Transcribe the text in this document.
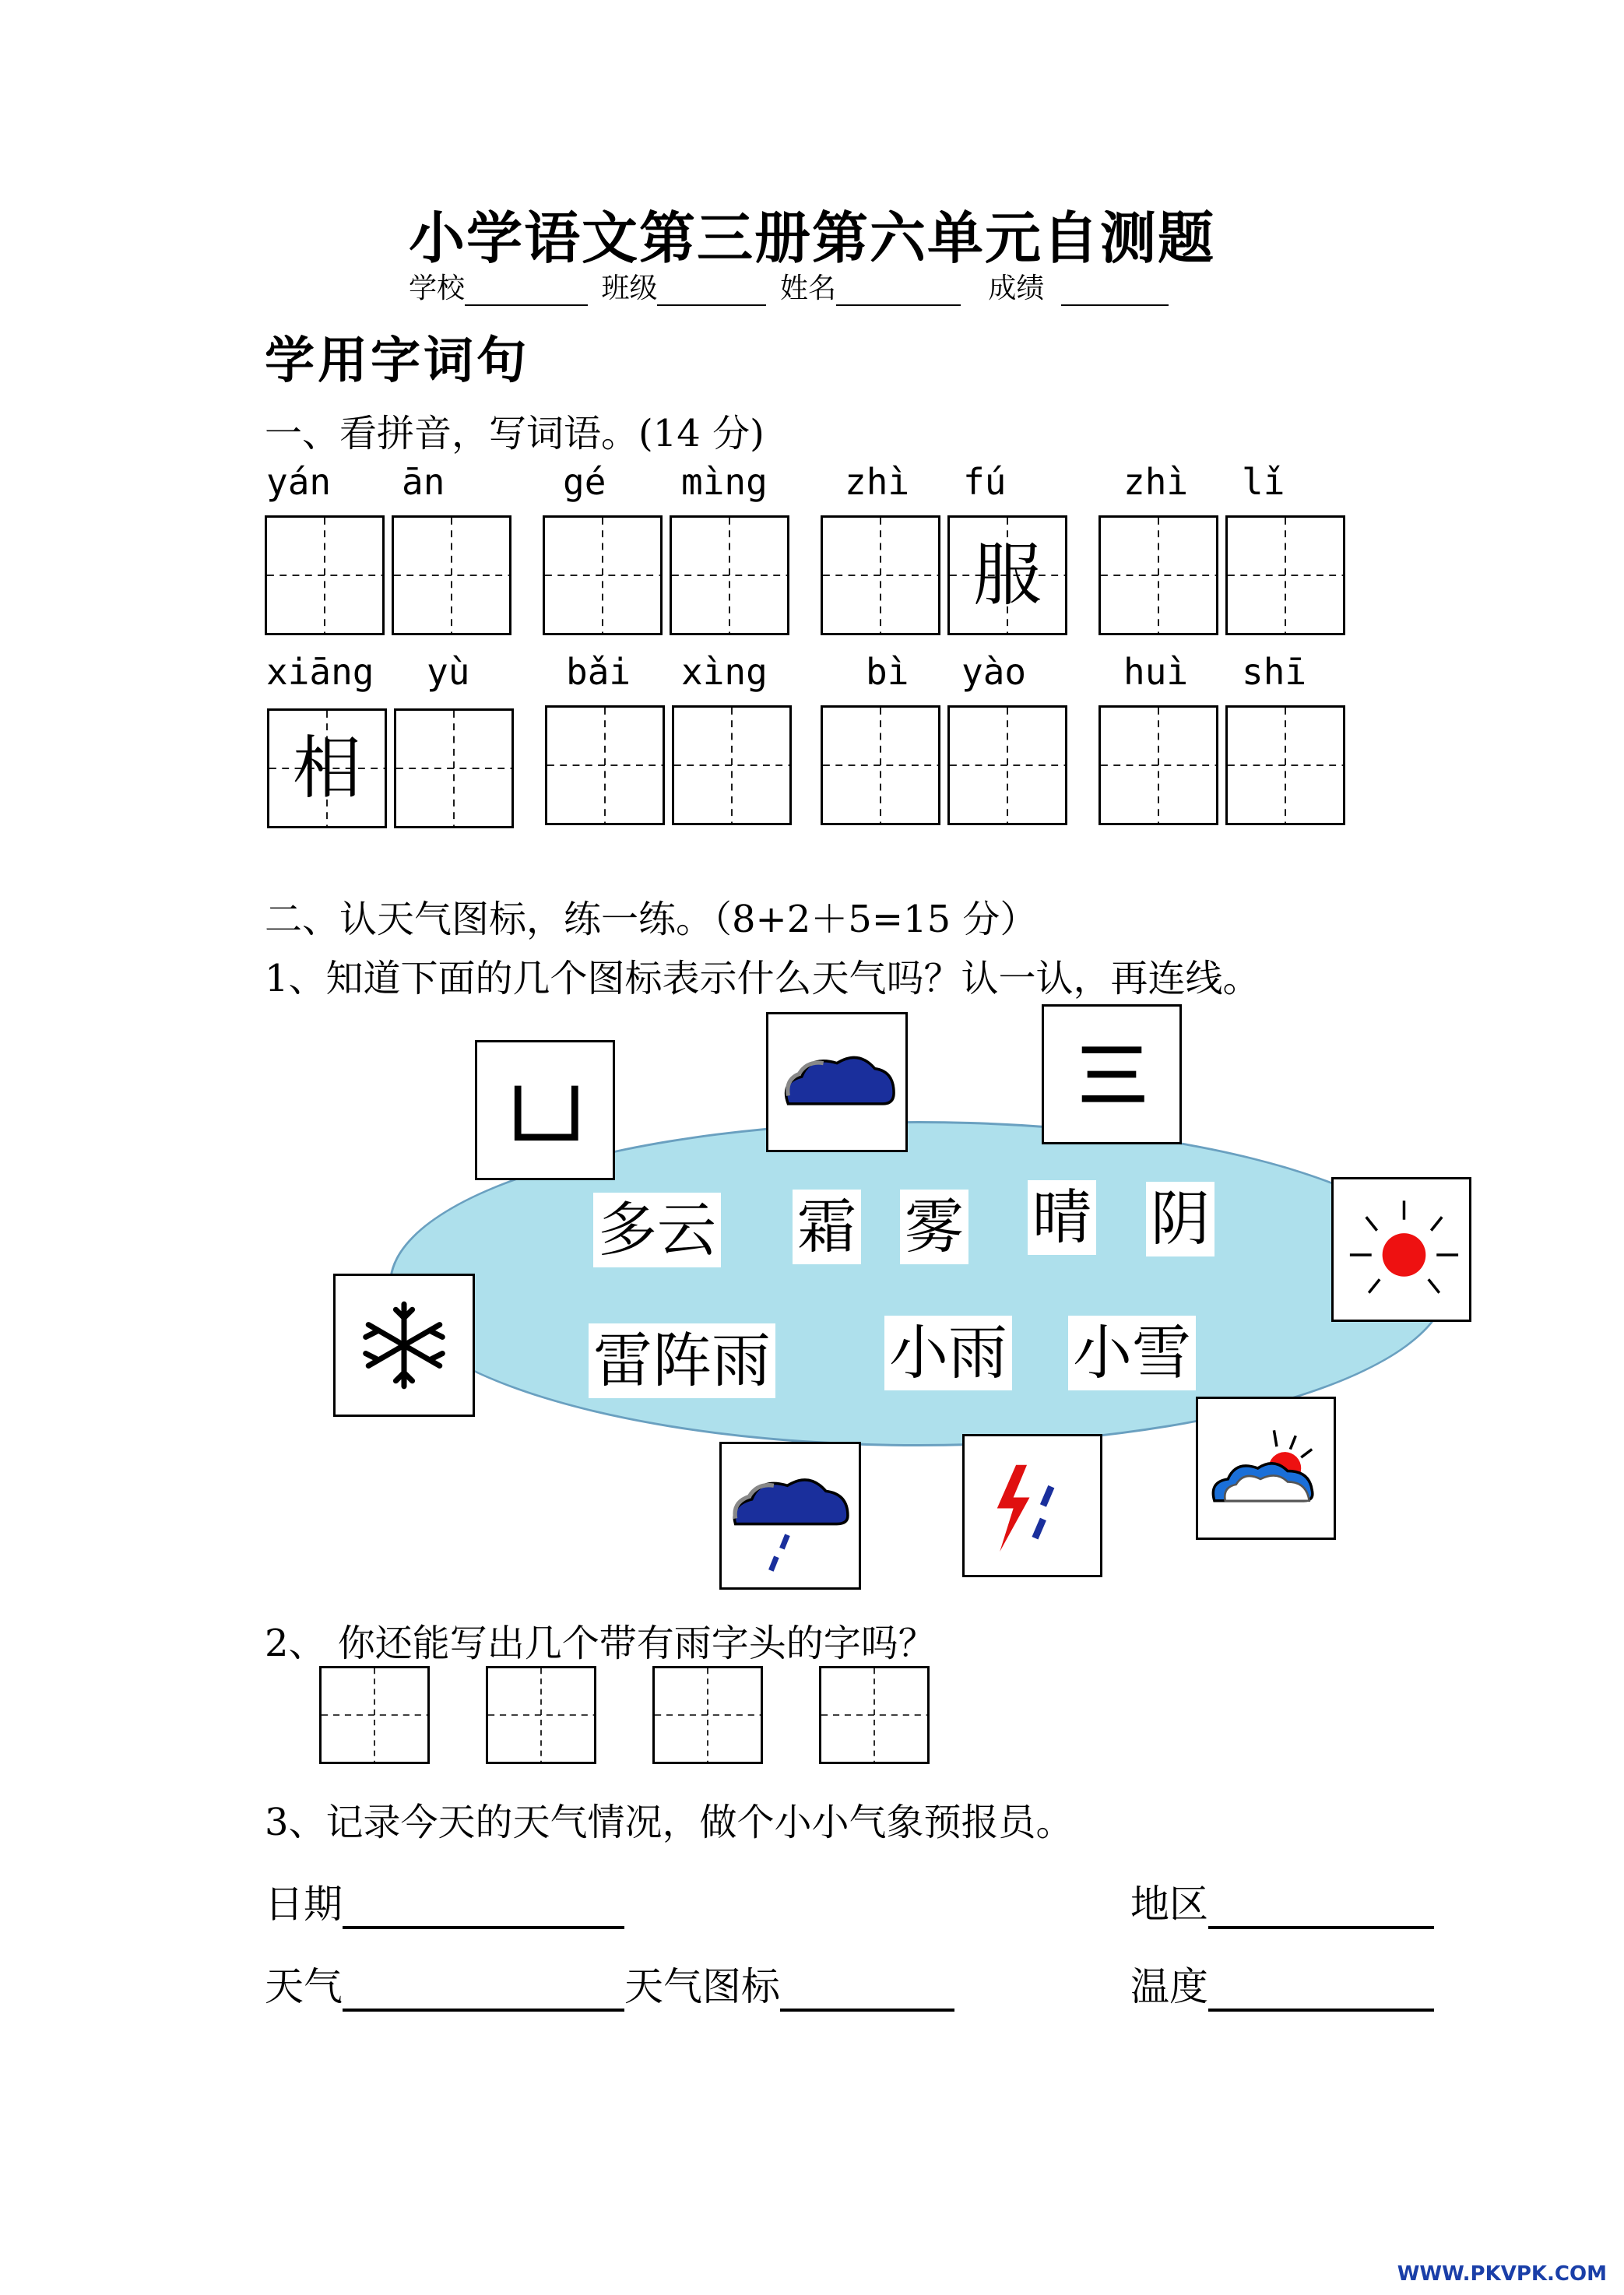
小学语文第三册第六单元自测题
学校	班级	姓名	成绩
学用字词句
一、看拼音，写词语。(14 分)
yán ān	gé mìng zhì fú	zhì lǐ
服
xiāng yù	bǎi xìng	bì yào	huì shī
相
二、认天气图标，练一练。（8+2＋5=15 分）
1、知道下面的几个图标表示什么天气吗？认一认，再连线。
多云 霜 雾 晴 阴
雷阵雨 小雨 小雪
2、 你还能写出几个带有雨字头的字吗？
3、记录今天的天气情况，做个小小气象预报员。
日期	地区
天气	天气图标	温度
WWW.PKVPK.COM
